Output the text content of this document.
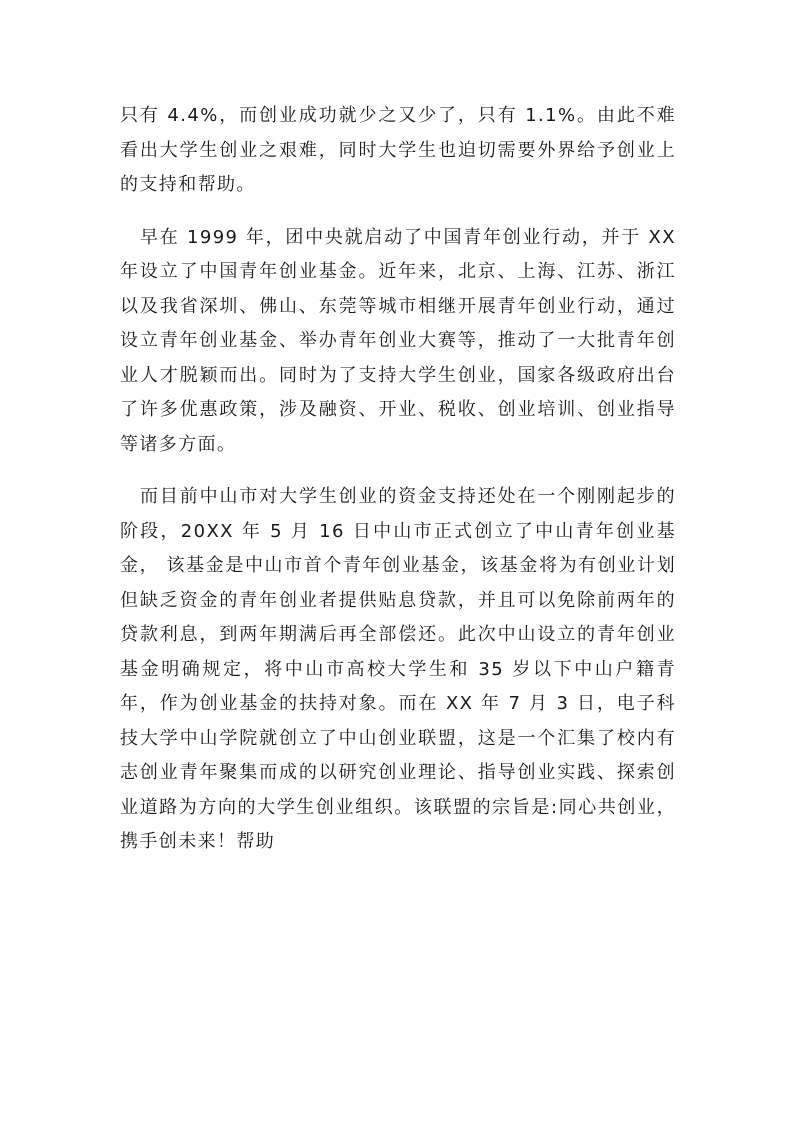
只有 4.4%，而创业成功就少之又少了，只有 1.1%。由此不难看出大学生创业之艰难，同时大学生也迫切需要外界给予创业上的支持和帮助。

早在 1999 年，团中央就启动了中国青年创业行动，并于 XX 年设立了中国青年创业基金。近年来，北京、上海、江苏、浙江以及我省深圳、佛山、东莞等城市相继开展青年创业行动，通过设立青年创业基金、举办青年创业大赛等，推动了一大批青年创业人才脱颖而出。同时为了支持大学生创业，国家各级政府出台了许多优惠政策，涉及融资、开业、税收、创业培训、创业指导等诸多方面。

而目前中山市对大学生创业的资金支持还处在一个刚刚起步的阶段，20XX 年 5 月 16 日中山市正式创立了中山青年创业基金， 该基金是中山市首个青年创业基金，该基金将为有创业计划但缺乏资金的青年创业者提供贴息贷款，并且可以免除前两年的贷款利息，到两年期满后再全部偿还。此次中山设立的青年创业基金明确规定，将中山市高校大学生和 35 岁以下中山户籍青年，作为创业基金的扶持对象。而在 XX 年 7 月 3 日，电子科技大学中山学院就创立了中山创业联盟，这是一个汇集了校内有志创业青年聚集而成的以研究创业理论、指导创业实践、探索创业道路为方向的大学生创业组织。该联盟的宗旨是:同心共创业，携手创未来！帮助
